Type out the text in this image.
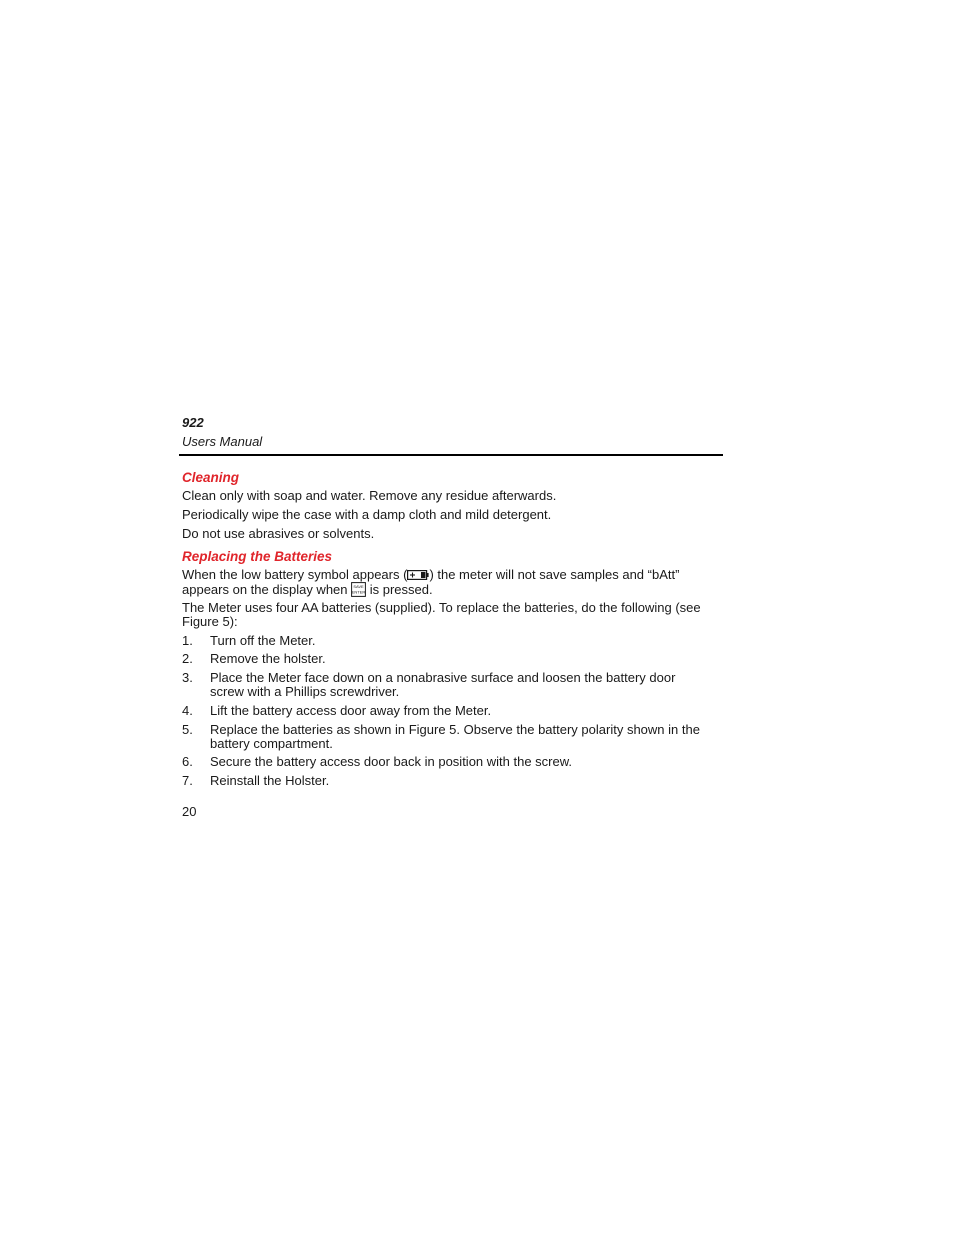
922
Users Manual
Cleaning
Clean only with soap and water. Remove any residue afterwards.
Periodically wipe the case with a damp cloth and mild detergent.
Do not use abrasives or solvents.
Replacing the Batteries
When the low battery symbol appears ( ) the meter will not save samples and “bAtt” appears on the display when SAVE
ENTER is pressed.
The Meter uses four AA batteries (supplied). To replace the batteries, do the following (see
Figure 5):
1. Turn off the Meter.
2. Remove the holster.
3. Place the Meter face down on a nonabrasive surface and loosen the battery door
screw with a Phillips screwdriver.
4. Lift the battery access door away from the Meter.
5. Replace the batteries as shown in Figure 5. Observe the battery polarity shown in the
battery compartment.
6. Secure the battery access door back in position with the screw.
7. Reinstall the Holster.
20
